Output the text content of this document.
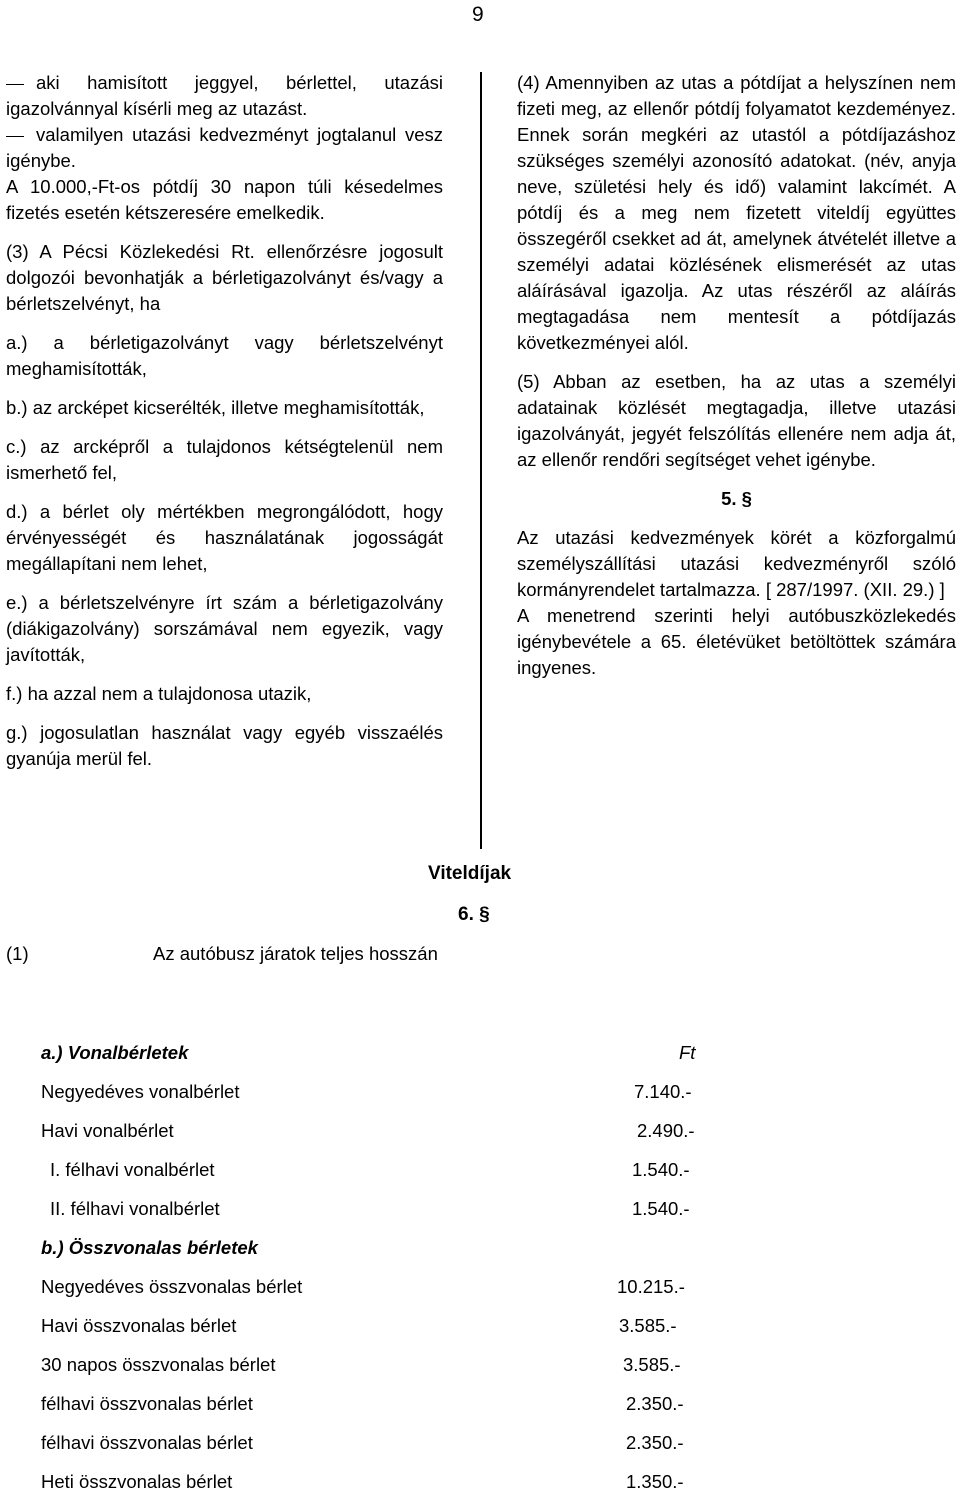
9

aki hamisított jeggyel, bérlettel, utazási igazolvánnyal kísérli meg az utazást.

valamilyen utazási kedvezményt jogtalanul vesz igénybe.

A 10.000,-Ft-os pótdíj 30 napon túli késedelmes fizetés esetén kétszeresére emelkedik.

(3) A Pécsi Közlekedési Rt. ellenőrzésre jogosult dolgozói bevonhatják a bérletigazolványt és/vagy a bérletszelvényt, ha

a.) a bérletigazolványt vagy bérletszelvényt meghamisították,

b.) az arcképet kicserélték, illetve meghamisították,

c.) az arcképről a tulajdonos kétségtelenül nem ismerhető fel,

d.) a bérlet oly mértékben megrongálódott, hogy érvényességét és használatának jogosságát megállapítani nem lehet,

e.) a bérletszelvényre írt szám a bérletigazolvány (diákigazolvány) sorszámával nem egyezik, vagy javították,

f.) ha azzal nem a tulajdonosa utazik,

g.) jogosulatlan használat vagy egyéb visszaélés gyanúja merül fel.

(4) Amennyiben az utas a pótdíjat a helyszínen nem fizeti meg, az ellenőr pótdíj folyamatot kezdeményez. Ennek során megkéri az utastól a pótdíjazáshoz szükséges személyi azonosító adatokat. (név, anyja neve, születési hely és idő) valamint lakcímét. A pótdíj és a meg nem fizetett viteldíj együttes összegéről csekket ad át, amelynek átvételét illetve a személyi adatai közlésének elismerését az utas aláírásával igazolja. Az utas részéről az aláírás megtagadása nem mentesít a pótdíjazás következményei alól.

(5) Abban az esetben, ha az utas a személyi adatainak közlését megtagadja, illetve utazási igazolványát, jegyét felszólítás ellenére nem adja át, az ellenőr rendőri segítséget vehet igénybe.

5. §

Az utazási kedvezmények körét a közforgalmú személyszállítási utazási kedvezményről szóló kormányrendelet tartalmazza. [ 287/1997. (XII. 29.) ]

A menetrend szerinti helyi autóbuszközlekedés igénybevétele a 65. életévüket betöltöttek számára ingyenes.

Viteldíjak
6. §
(1)	Az autóbusz járatok teljes hosszán
a.) Vonalbérletek	Ft
Negyedéves vonalbérlet	7.140.-
Havi vonalbérlet	2.490.-
I. félhavi vonalbérlet	1.540.-
II. félhavi vonalbérlet	1.540.-
b.) Összvonalas bérletek
Negyedéves összvonalas bérlet	10.215.-
Havi összvonalas bérlet	3.585.-
30 napos összvonalas bérlet	3.585.-
félhavi összvonalas bérlet	2.350.-
félhavi összvonalas bérlet	2.350.-
Heti összvonalas bérlet	1.350.-
